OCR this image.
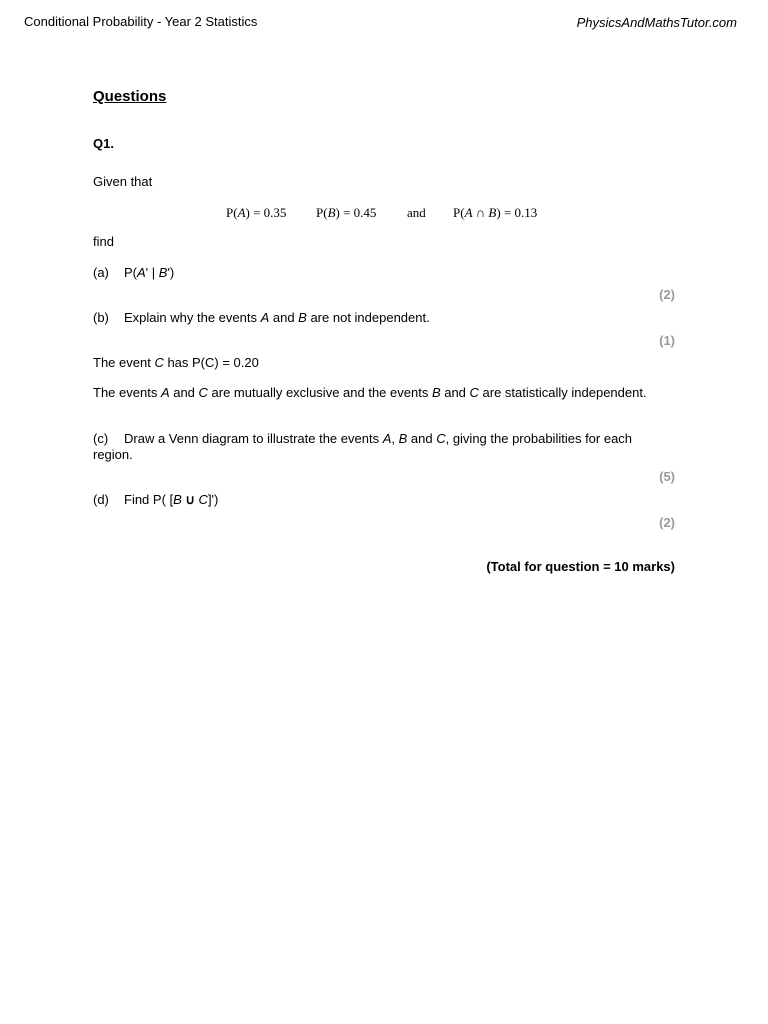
Conditional Probability - Year 2 Statistics	PhysicsAndMathsTutor.com
Questions
Q1.
Given that
P(A) = 0.35 P(B) = 0.45 and P(A ∩ B) = 0.13
find
(a) P(A' | B')
(2)
(b) Explain why the events A and B are not independent.
(1)
The event C has P(C) = 0.20
The events A and C are mutually exclusive and the events B and C are statistically independent.
(c) Draw a Venn diagram to illustrate the events A, B and C, giving the probabilities for each region.
(5)
(d) Find P( [B ∪ C]')
(2)
(Total for question = 10 marks)
